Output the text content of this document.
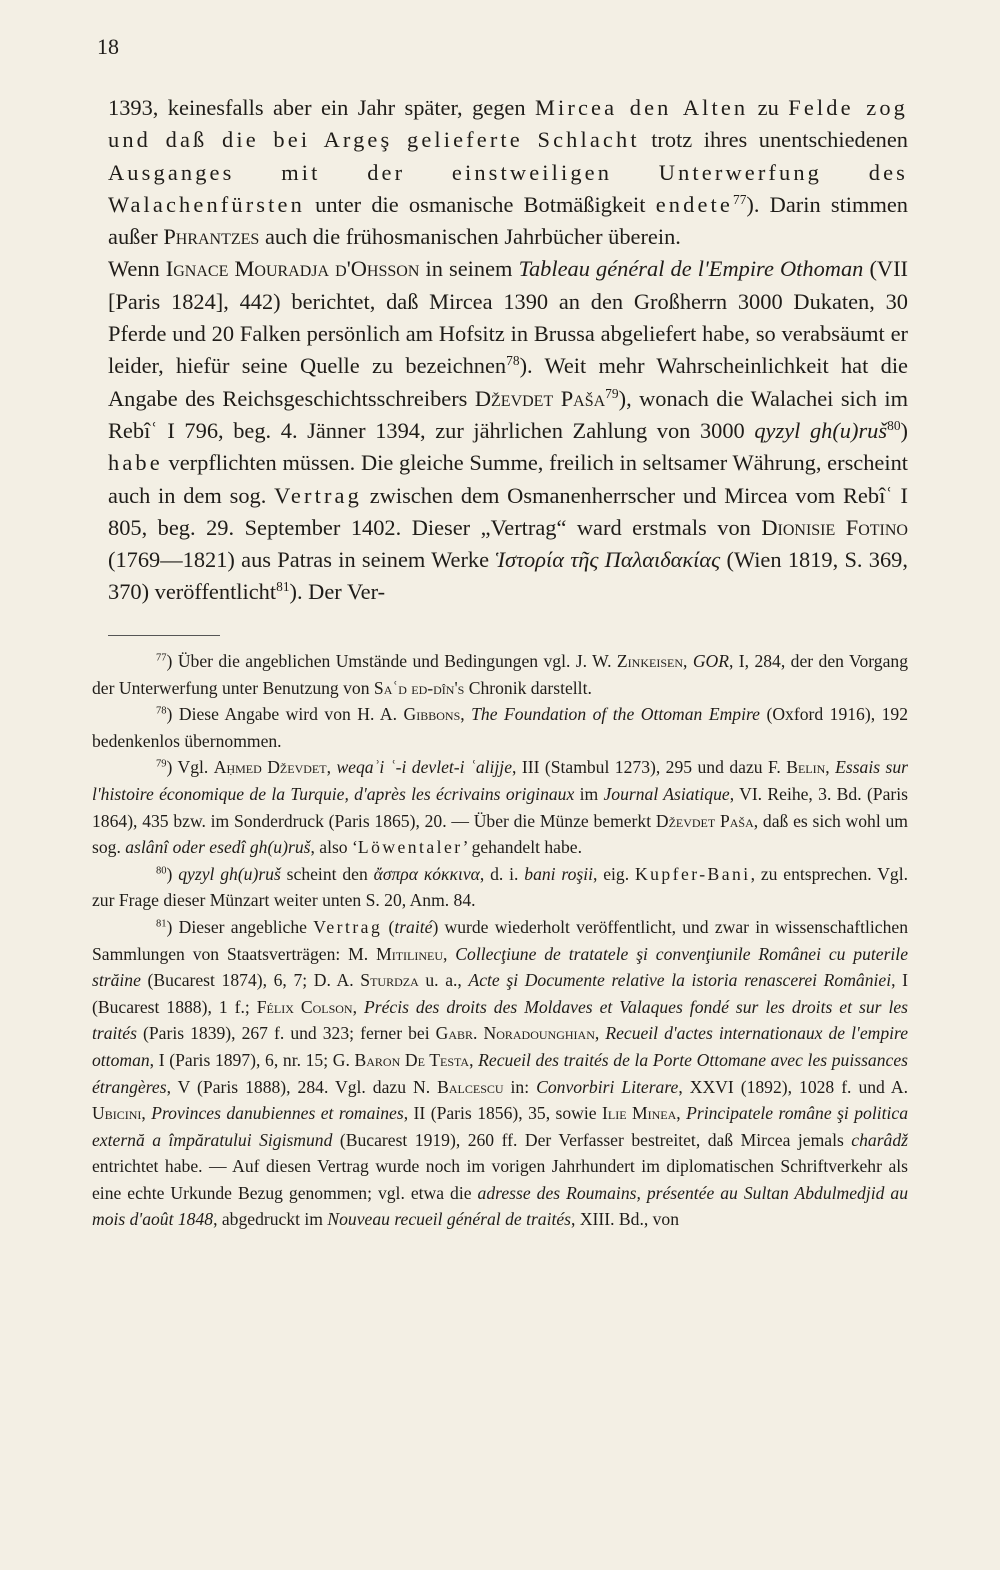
18

1393, keinesfalls aber ein Jahr später, gegen Mircea den Alten zu Felde zog und daß die bei Argeş gelieferte Schlacht trotz ihres unentschiedenen Ausganges mit der einstweiligen Unterwerfung des Walachenfürsten unter die osmanische Botmäßigkeit endete$^{77}$). Darin stimmen außer Phrantzes auch die frühosmanischen Jahrbücher überein.

Wenn Ignace Mouradja d'Ohsson in seinem Tableau général de l'Empire Othoman (VII [Paris 1824], 442) berichtet, daß Mircea 1390 an den Großherrn 3000 Dukaten, 30 Pferde und 20 Falken persönlich am Hofsitz in Brussa abgeliefert habe, so verabsäumt er leider, hiefür seine Quelle zu bezeichnen$^{78}$). Weit mehr Wahrscheinlichkeit hat die Angabe des Reichsgeschichtsschreibers Dževdet Paša$^{79}$), wonach die Walachei sich im Rebîʿ I 796, beg. 4. Jänner 1394, zur jährlichen Zahlung von 3000 qyzyl gh(u)ruš$^{80}$) habe verpflichten müssen. Die gleiche Summe, freilich in seltsamer Währung, erscheint auch in dem sog. Vertrag zwischen dem Osmanenherrscher und Mircea vom Rebîʿ I 805, beg. 29. September 1402. Dieser „Vertrag“ ward erstmals von Dionisie Fotino (1769—1821) aus Patras in seinem Werke Ἱστορία τῆς Παλαιδακίας (Wien 1819, S. 369, 370) veröffentlicht$^{81}$). Der Ver-

$^{77}$) Über die angeblichen Umstände und Bedingungen vgl. J. W. Zinkeisen, GOR, I, 284, der den Vorgang der Unterwerfung unter Benutzung von Saʿd ed-dîn's Chronik darstellt.

$^{78}$) Diese Angabe wird von H. A. Gibbons, The Foundation of the Ottoman Empire (Oxford 1916), 192 bedenkenlos übernommen.

$^{79}$) Vgl. Aḥmed Dževdet, weqaʾi ʿ-i devlet-i ʿalijje, III (Stambul 1273), 295 und dazu F. Belin, Essais sur l'histoire économique de la Turquie, d'après les écrivains originaux im Journal Asiatique, VI. Reihe, 3. Bd. (Paris 1864), 435 bzw. im Sonderdruck (Paris 1865), 20. — Über die Münze bemerkt Dževdet Paša, daß es sich wohl um sog. aslânî oder esedî gh(u)ruš, also ‘Löwentaler’ gehandelt habe.

$^{80}$) qyzyl gh(u)ruš scheint den ἄσπρα κόκκινα, d. i. bani roşii, eig. Kupfer-Bani, zu entsprechen. Vgl. zur Frage dieser Münzart weiter unten S. 20, Anm. 84.

$^{81}$) Dieser angebliche Vertrag (traité) wurde wiederholt veröffentlicht, und zwar in wissenschaftlichen Sammlungen von Staatsverträgen: M. Mitilineu, Collecţiune de tratatele şi convenţiunile Românei cu puterile străine (Bucarest 1874), 6, 7; D. A. Sturdza u. a., Acte şi Documente relative la istoria renascerei României, I (Bucarest 1888), 1 f.; Félix Colson, Précis des droits des Moldaves et Valaques fondé sur les droits et sur les traités (Paris 1839), 267 f. und 323; ferner bei Gabr. Noradounghian, Recueil d'actes internationaux de l'empire ottoman, I (Paris 1897), 6, nr. 15; G. Baron De Testa, Recueil des traités de la Porte Ottomane avec les puissances étrangères, V (Paris 1888), 284. Vgl. dazu N. Balcescu in: Convorbiri Literare, XXVI (1892), 1028 f. und A. Ubicini, Provinces danubiennes et romaines, II (Paris 1856), 35, sowie Ilie Minea, Principatele române şi politica externă a împăratului Sigismund (Bucarest 1919), 260 ff. Der Verfasser bestreitet, daß Mircea jemals charâdž entrichtet habe. — Auf diesen Vertrag wurde noch im vorigen Jahrhundert im diplomatischen Schriftverkehr als eine echte Urkunde Bezug genommen; vgl. etwa die adresse des Roumains, présentée au Sultan Abdulmedjid au mois d'août 1848, abgedruckt im Nouveau recueil général de traités, XIII. Bd., von
